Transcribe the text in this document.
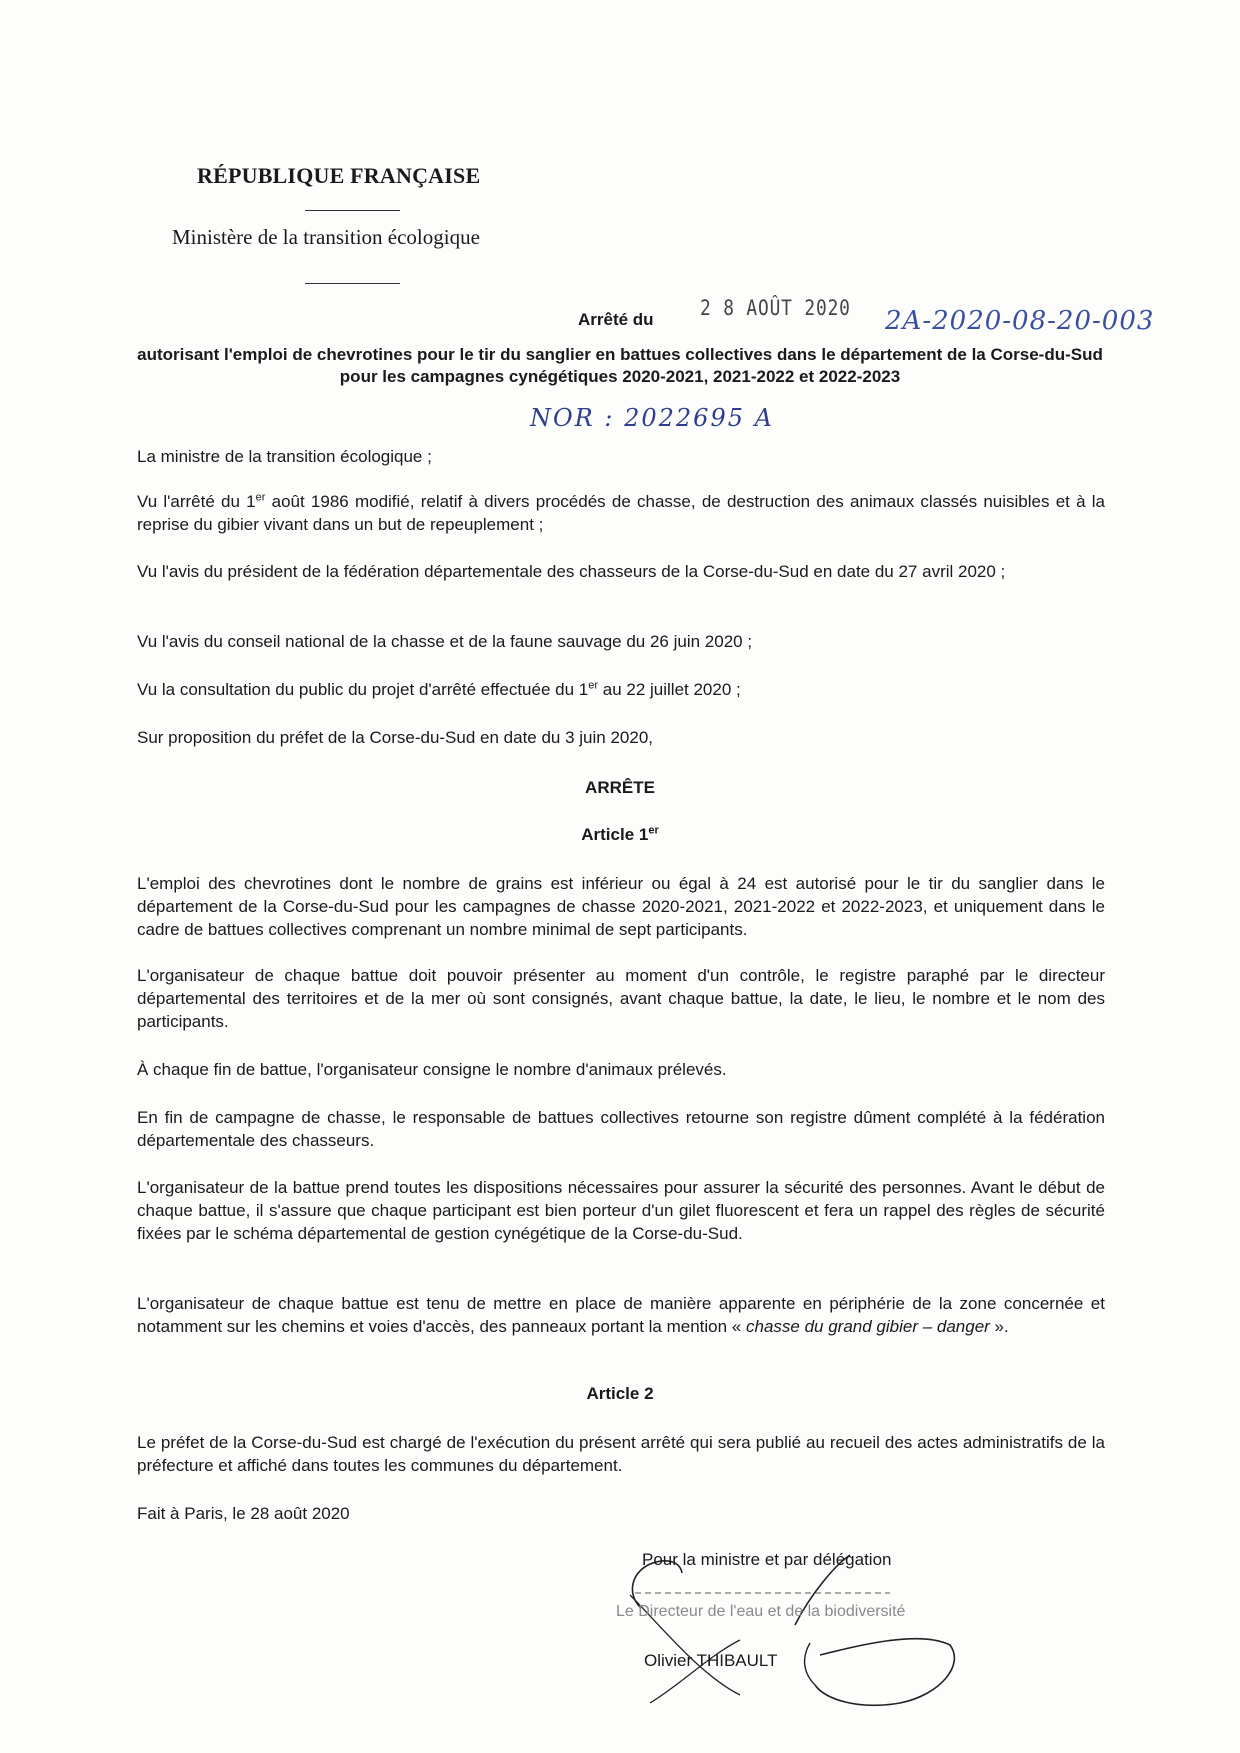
RÉPUBLIQUE FRANÇAISE
Ministère de la transition écologique
Arrêté du 2 8 AOÛT 2020 2A-2020-08-20-003
autorisant l'emploi de chevrotines pour le tir du sanglier en battues collectives dans le département de la Corse-du-Sud pour les campagnes cynégétiques 2020-2021, 2021-2022 et 2022-2023
NOR : 2022695 A
La ministre de la transition écologique ;
Vu l'arrêté du 1er août 1986 modifié, relatif à divers procédés de chasse, de destruction des animaux classés nuisibles et à la reprise du gibier vivant dans un but de repeuplement ;
Vu l'avis du président de la fédération départementale des chasseurs de la Corse-du-Sud en date du 27 avril 2020 ;
Vu l'avis du conseil national de la chasse et de la faune sauvage du 26 juin 2020 ;
Vu la consultation du public du projet d'arrêté effectuée du 1er au 22 juillet 2020 ;
Sur proposition du préfet de la Corse-du-Sud en date du 3 juin 2020,
ARRÊTE
Article 1er
L'emploi des chevrotines dont le nombre de grains est inférieur ou égal à 24 est autorisé pour le tir du sanglier dans le département de la Corse-du-Sud pour les campagnes de chasse 2020-2021, 2021-2022 et 2022-2023, et uniquement dans le cadre de battues collectives comprenant un nombre minimal de sept participants.
L'organisateur de chaque battue doit pouvoir présenter au moment d'un contrôle, le registre paraphé par le directeur départemental des territoires et de la mer où sont consignés, avant chaque battue, la date, le lieu, le nombre et le nom des participants.
À chaque fin de battue, l'organisateur consigne le nombre d'animaux prélevés.
En fin de campagne de chasse, le responsable de battues collectives retourne son registre dûment complété à la fédération départementale des chasseurs.
L'organisateur de la battue prend toutes les dispositions nécessaires pour assurer la sécurité des personnes. Avant le début de chaque battue, il s'assure que chaque participant est bien porteur d'un gilet fluorescent et fera un rappel des règles de sécurité fixées par le schéma départemental de gestion cynégétique de la Corse-du-Sud.
L'organisateur de chaque battue est tenu de mettre en place de manière apparente en périphérie de la zone concernée et notamment sur les chemins et voies d'accès, des panneaux portant la mention « chasse du grand gibier – danger ».
Article 2
Le préfet de la Corse-du-Sud est chargé de l'exécution du présent arrêté qui sera publié au recueil des actes administratifs de la préfecture et affiché dans toutes les communes du département.
Fait à Paris, le 28 août 2020
Pour la ministre et par délégation
Le Directeur de l'eau et de la biodiversité
Olivier THIBAULT
